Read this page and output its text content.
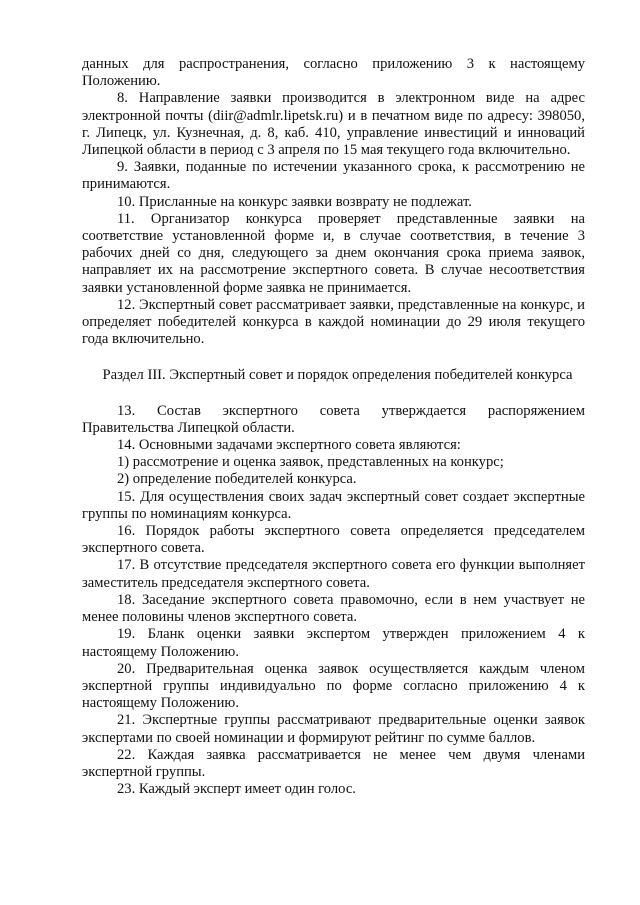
данных для распространения, согласно приложению 3 к настоящему Положению.

8. Направление заявки производится в электронном виде на адрес электронной почты (diir@admlr.lipetsk.ru) и в печатном виде по адресу: 398050, г. Липецк, ул. Кузнечная, д. 8, каб. 410, управление инвестиций и инноваций Липецкой области в период с 3 апреля по 15 мая текущего года включительно.

9. Заявки, поданные по истечении указанного срока, к рассмотрению не принимаются.

10. Присланные на конкурс заявки возврату не подлежат.

11. Организатор конкурса проверяет представленные заявки на соответствие установленной форме и, в случае соответствия, в течение 3 рабочих дней со дня, следующего за днем окончания срока приема заявок, направляет их на рассмотрение экспертного совета. В случае несоответствия заявки установленной форме заявка не принимается.

12. Экспертный совет рассматривает заявки, представленные на конкурс, и определяет победителей конкурса в каждой номинации до 29 июля текущего года включительно.

Раздел III. Экспертный совет и порядок определения победителей конкурса

13. Состав экспертного совета утверждается распоряжением Правительства Липецкой области.

14. Основными задачами экспертного совета являются:

1) рассмотрение и оценка заявок, представленных на конкурс;

2) определение победителей конкурса.

15. Для осуществления своих задач экспертный совет создает экспертные группы по номинациям конкурса.

16. Порядок работы экспертного совета определяется председателем экспертного совета.

17. В отсутствие председателя экспертного совета его функции выполняет заместитель председателя экспертного совета.

18. Заседание экспертного совета правомочно, если в нем участвует не менее половины членов экспертного совета.

19. Бланк оценки заявки экспертом утвержден приложением 4 к настоящему Положению.

20. Предварительная оценка заявок осуществляется каждым членом экспертной группы индивидуально по форме согласно приложению 4 к настоящему Положению.

21. Экспертные группы рассматривают предварительные оценки заявок экспертами по своей номинации и формируют рейтинг по сумме баллов.

22. Каждая заявка рассматривается не менее чем двумя членами экспертной группы.

23. Каждый эксперт имеет один голос.
